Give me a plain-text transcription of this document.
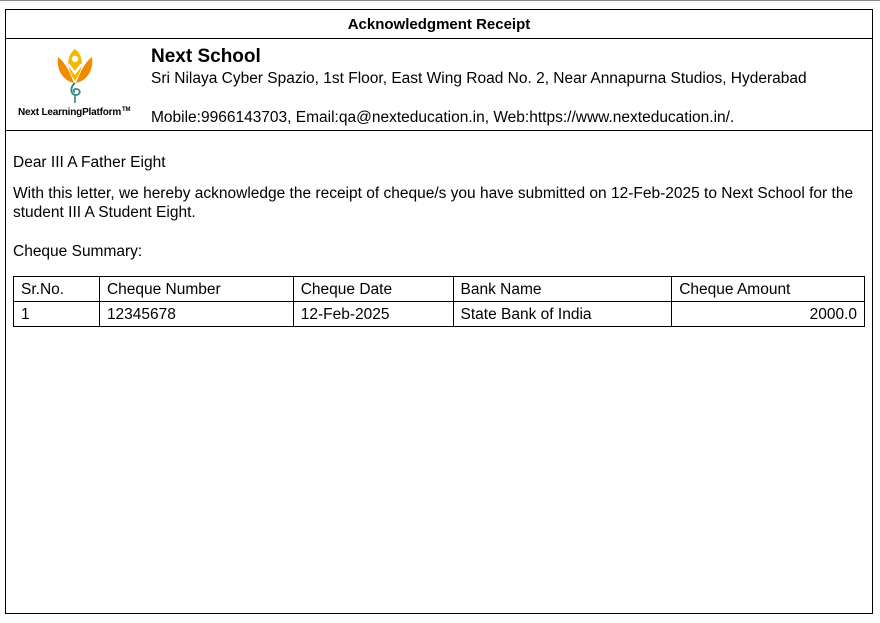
Acknowledgment Receipt
Next LearningPlatform™
Next School
Sri Nilaya Cyber Spazio, 1st Floor, East Wing Road No. 2, Near Annapurna Studios, Hyderabad
Mobile:9966143703, Email:qa@nexteducation.in, Web:https://www.nexteducation.in/.
Dear III A Father Eight
With this letter, we hereby acknowledge the receipt of cheque/s you have submitted on 12-Feb-2025 to Next School for the student III A Student Eight.
Cheque Summary:
Sr.No.	Cheque Number	Cheque Date	Bank Name	Cheque Amount
1	12345678	12-Feb-2025	State Bank of India	2000.0
